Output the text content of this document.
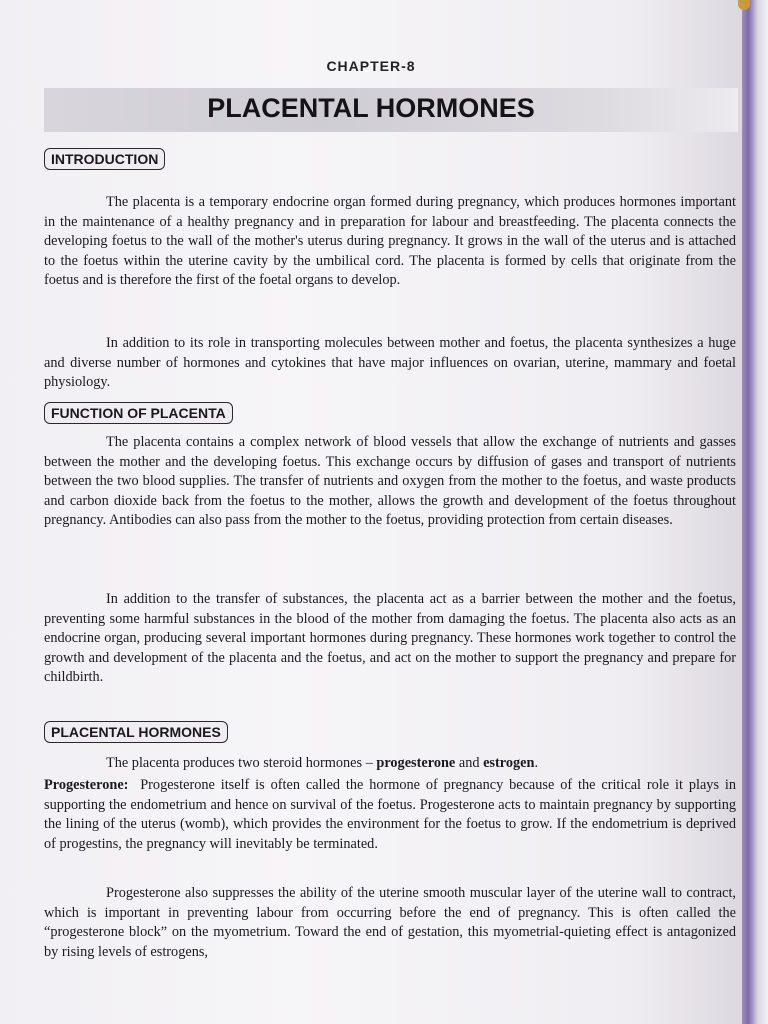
CHAPTER-8
PLACENTAL HORMONES
INTRODUCTION

The placenta is a temporary endocrine organ formed during pregnancy, which produces hormones important in the maintenance of a healthy pregnancy and in preparation for labour and breastfeeding. The placenta connects the developing foetus to the wall of the mother's uterus during pregnancy. It grows in the wall of the uterus and is attached to the foetus within the uterine cavity by the umbilical cord. The placenta is formed by cells that originate from the foetus and is therefore the first of the foetal organs to develop.

In addition to its role in transporting molecules between mother and foetus, the placenta synthesizes a huge and diverse number of hormones and cytokines that have major influences on ovarian, uterine, mammary and foetal physiology.

FUNCTION OF PLACENTA

The placenta contains a complex network of blood vessels that allow the exchange of nutrients and gasses between the mother and the developing foetus. This exchange occurs by diffusion of gases and transport of nutrients between the two blood supplies. The transfer of nutrients and oxygen from the mother to the foetus, and waste products and carbon dioxide back from the foetus to the mother, allows the growth and development of the foetus throughout pregnancy. Antibodies can also pass from the mother to the foetus, providing protection from certain diseases.

In addition to the transfer of substances, the placenta act as a barrier between the mother and the foetus, preventing some harmful substances in the blood of the mother from damaging the foetus. The placenta also acts as an endocrine organ, producing several important hormones during pregnancy. These hormones work together to control the growth and development of the placenta and the foetus, and act on the mother to support the pregnancy and prepare for childbirth.

PLACENTAL HORMONES

The placenta produces two steroid hormones – progesterone and estrogen.

Progesterone: Progesterone itself is often called the hormone of pregnancy because of the critical role it plays in supporting the endometrium and hence on survival of the foetus. Progesterone acts to maintain pregnancy by supporting the lining of the uterus (womb), which provides the environment for the foetus to grow. If the endometrium is deprived of progestins, the pregnancy will inevitably be terminated.

Progesterone also suppresses the ability of the uterine smooth muscular layer of the uterine wall to contract, which is important in preventing labour from occurring before the end of pregnancy. This is often called the “progesterone block” on the myometrium. Toward the end of gestation, this myometrial-quieting effect is antagonized by rising levels of estrogens,
